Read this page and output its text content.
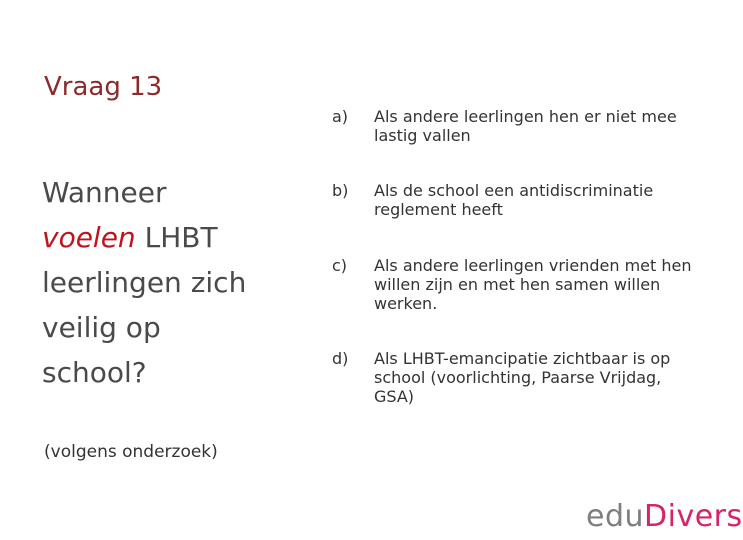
Vraag 13
Wanneer
voelen LHBT
leerlingen zich
veilig op
school?
(volgens onderzoek)
a) Als andere leerlingen hen er niet mee lastig vallen
b) Als de school een antidiscriminatie reglement heeft
c) Als andere leerlingen vrienden met hen willen zijn en met hen samen willen werken.
d) Als LHBT-emancipatie zichtbaar is op school (voorlichting, Paarse Vrijdag, GSA)
eduDivers
